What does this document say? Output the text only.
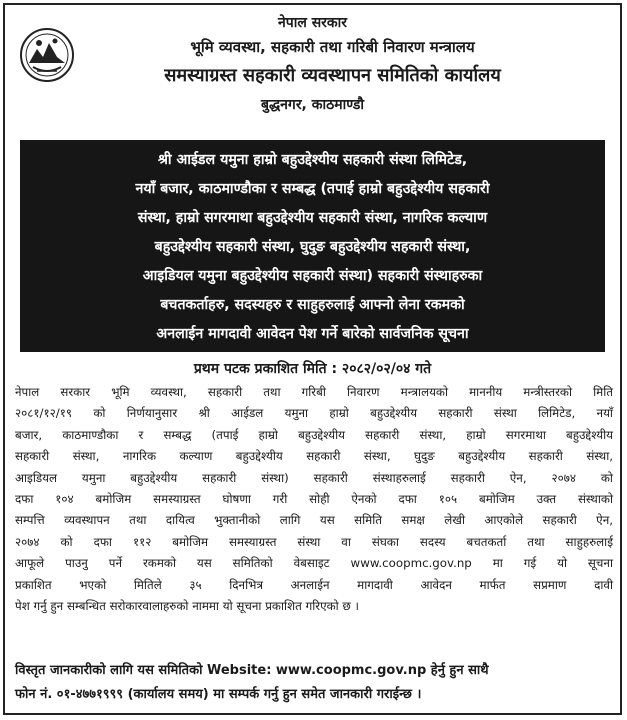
नेपाल सरकार
भूमि व्यवस्था, सहकारी तथा गरिबी निवारण मन्त्रालय
समस्याग्रस्त सहकारी व्यवस्थापन समितिको कार्यालय
बुद्धनगर, काठमाण्डौ

श्री आईडल यमुना हाम्रो बहुउद्देश्यीय सहकारी संस्था लिमिटेड,

नयाँ बजार, काठमाण्डौका र सम्बद्ध (तपाई हाम्रो बहुउद्देश्यीय सहकारी

संस्था, हाम्रो सगरमाथा बहुउद्देश्यीय सहकारी संस्था, नागरिक कल्याण

बहुउद्देश्यीय सहकारी संस्था, घुदुङ बहुउद्देश्यीय सहकारी संस्था,

आइडियल यमुना बहुउद्देश्यीय सहकारी संस्था) सहकारी संस्थाहरुका

बचतकर्ताहरु, सदस्यहरु र साहुहरुलाई आफ्नो लेना रकमको

अनलाईन मागदावी आवेदन पेश गर्ने बारेको सार्वजनिक सूचना

प्रथम पटक प्रकाशित मिति : २०८२/०२/०४ गते

नेपाल सरकार भूमि व्यवस्था, सहकारी तथा गरिबी निवारण मन्त्रालयको माननीय मन्त्रीस्तरको मिति

२०८१/१२/१९ को निर्णयानुसार श्री आईडल यमुना हाम्रो बहुउद्देश्यीय सहकारी संस्था लिमिटेड, नयाँ

बजार, काठमाण्डौका र सम्बद्ध (तपाई हाम्रो बहुउद्देश्यीय सहकारी संस्था, हाम्रो सगरमाथा बहुउद्देश्यीय

सहकारी संस्था, नागरिक कल्याण बहुउद्देश्यीय सहकारी संस्था, घुदुङ बहुउद्देश्यीय सहकारी संस्था,

आइडियल यमुना बहुउद्देश्यीय सहकारी संस्था) सहकारी संस्थाहरुलाई सहकारी ऐन, २०७४ को

दफा १०४ बमोजिम समस्याग्रस्त घोषणा गरी सोही ऐनको दफा १०५ बमोजिम उक्त संस्थाको

सम्पत्ति व्यवस्थापन तथा दायित्व भुक्तानीको लागि यस समिति समक्ष लेखी आएकोले सहकारी ऐन,

२०७४ को दफा ११२ बमोजिम समस्याग्रस्त संस्था वा संघका सदस्य बचतकर्ता तथा साहुहरुलाई

आफूले पाउनु पर्ने रकमको यस समितिको वेबसाइट www.coopmc.gov.np मा गई यो सूचना

प्रकाशित भएको मितिले ३५ दिनभित्र अनलाईन मागदावी आवेदन मार्फत सप्रमाण दावी

पेश गर्नु हुन सम्बन्धित सरोकारवालाहरुको नाममा यो सूचना प्रकाशित गरिएको छ ।

विस्तृत जानकारीको लागि यस समितिको Website: www.coopmc.gov.np हेर्नु हुन साथै

फोन नं. ०१-४७७१९९९ (कार्यालय समय) मा सम्पर्क गर्नु हुन समेत जानकारी गराईन्छ ।
